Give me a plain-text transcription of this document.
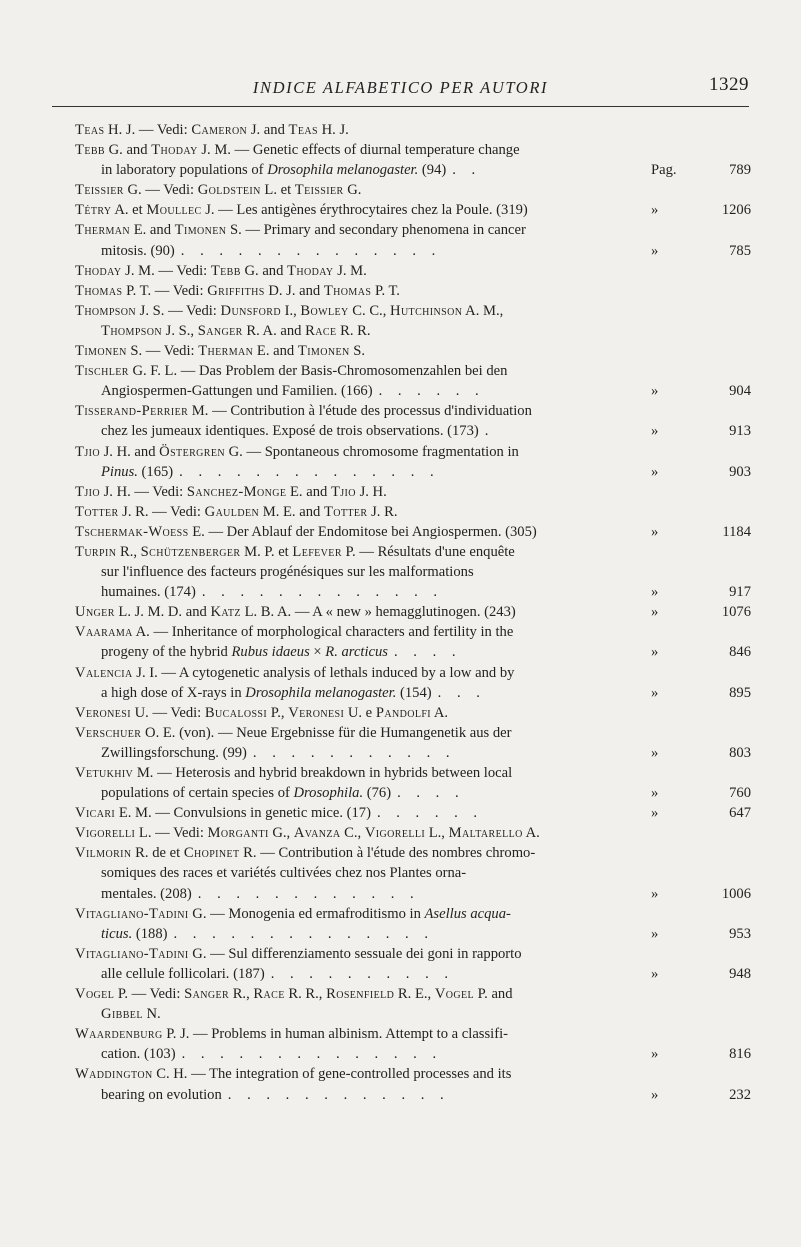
INDICE ALFABETICO PER AUTORI	1329
Teas H. J. — Vedi: Cameron J. and Teas H. J.
Tebb G. and Thoday J. M. — Genetic effects of diurnal temperature change
in laboratory populations of Drosophila melanogaster. (94) . .	Pag.	789
Teissier G. — Vedi: Goldstein L. et Teissier G.
Tétry A. et Moullec J. — Les antigènes érythrocytaires chez la Poule. (319)	»	1206
Therman E. and Timonen S. — Primary and secondary phenomena in cancer
mitosis. (90) . . . . . . . . . . . . . .	»	785
Thoday J. M. — Vedi: Tebb G. and Thoday J. M.
Thomas P. T. — Vedi: Griffiths D. J. and Thomas P. T.
Thompson J. S. — Vedi: Dunsford I., Bowley C. C., Hutchinson A. M.,
Thompson J. S., Sanger R. A. and Race R. R.
Timonen S. — Vedi: Therman E. and Timonen S.
Tischler G. F. L. — Das Problem der Basis-Chromosomenzahlen bei den
Angiospermen-Gattungen und Familien. (166) . . . . . .	»	904
Tisserand-Perrier M. — Contribution à l'étude des processus d'individuation
chez les jumeaux identiques. Exposé de trois observations. (173) .	»	913
Tjio J. H. and Östergren G. — Spontaneous chromosome fragmentation in
Pinus. (165) . . . . . . . . . . . . . .	»	903
Tjio J. H. — Vedi: Sanchez-Monge E. and Tjio J. H.
Totter J. R. — Vedi: Gaulden M. E. and Totter J. R.
Tschermak-Woess E. — Der Ablauf der Endomitose bei Angiospermen. (305)	»	1184
Turpin R., Schützenberger M. P. et Lefever P. — Résultats d'une enquête
sur l'influence des facteurs progénésiques sur les malformations
humaines. (174) . . . . . . . . . . . . .	»	917
Unger L. J. M. D. and Katz L. B. A. — A « new » hemagglutinogen. (243)	»	1076
Vaarama A. — Inheritance of morphological characters and fertility in the
progeny of the hybrid Rubus idaeus × R. arcticus . . . .	»	846
Valencia J. I. — A cytogenetic analysis of lethals induced by a low and by
a high dose of X-rays in Drosophila melanogaster. (154) . . .	»	895
Veronesi U. — Vedi: Bucalossi P., Veronesi U. e Pandolfi A.
Verschuer O. E. (von). — Neue Ergebnisse für die Humangenetik aus der
Zwillingsforschung. (99) . . . . . . . . . . .	»	803
Vetukhiv M. — Heterosis and hybrid breakdown in hybrids between local
populations of certain species of Drosophila. (76) . . . .	»	760
Vicari E. M. — Convulsions in genetic mice. (17) . . . . . .	»	647
Vigorelli L. — Vedi: Morganti G., Avanza C., Vigorelli L., Maltarello A.
Vilmorin R. de et Chopinet R. — Contribution à l'étude des nombres chromo-
somiques des races et variétés cultivées chez nos Plantes orna-
mentales. (208) . . . . . . . . . . . .	»	1006
Vitagliano-Tadini G. — Monogenia ed ermafroditismo in Asellus acqua-
ticus. (188) . . . . . . . . . . . . . .	»	953
Vitagliano-Tadini G. — Sul differenziamento sessuale dei goni in rapporto
alle cellule follicolari. (187) . . . . . . . . . .	»	948
Vogel P. — Vedi: Sanger R., Race R. R., Rosenfield R. E., Vogel P. and
Gibbel N.
Waardenburg P. J. — Problems in human albinism. Attempt to a classifi-
cation. (103) . . . . . . . . . . . . . .	»	816
Waddington C. H. — The integration of gene-controlled processes and its
bearing on evolution . . . . . . . . . . . .	»	232
